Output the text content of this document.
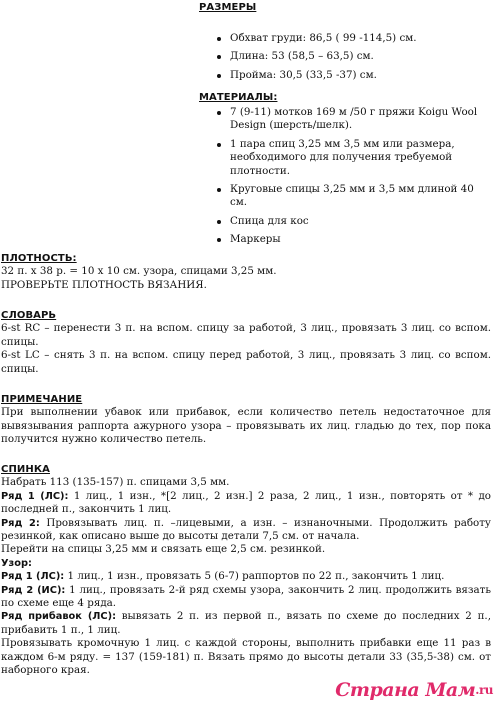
РАЗМЕРЫ
Обхват груди: 86,5 ( 99 -114,5) см.
Длина: 53 (58,5 – 63,5) см.
Пройма: 30,5 (33,5 -37) см.
МАТЕРИАЛЫ:
7 (9-11) мотков 169 м /50 г пряжи Koigu Wool Design (шерсть/шелк).
1 пара спиц 3,25 мм 3,5 мм или размера, необходимого для получения требуемой плотности.
Круговые спицы 3,25 мм и 3,5 мм длиной 40 см.
Спица для кос
Маркеры
ПЛОТНОСТЬ:
32 п. х 38 р. = 10 х 10 см. узора, спицами 3,25 мм.
ПРОВЕРЬТЕ ПЛОТНОСТЬ ВЯЗАНИЯ.
СЛОВАРЬ
6-st RC – перенести 3 п. на вспом. спицу за работой, 3 лиц., провязать 3 лиц. со вспом. спицы.
6-st LC – снять 3 п. на вспом. спицу перед работой, 3 лиц., провязать 3 лиц. со вспом. спицы.
ПРИМЕЧАНИЕ
При выполнении убавок или прибавок, если количество петель недостаточное для вывязывания раппорта ажурного узора – провязывать их лиц. гладью до тех, пор пока получится нужно количество петель.
СПИНКА
Набрать 113 (135-157) п. спицами 3,5 мм.
Ряд 1 (ЛС): 1 лиц., 1 изн., *[2 лиц., 2 изн.] 2 раза, 2 лиц., 1 изн., повторять от * до последней п., закончить 1 лиц.
Ряд 2: Провязывать лиц. п. –лицевыми, а изн. – изнаночными. Продолжить работу резинкой, как описано выше до высоты детали 7,5 см. от начала.
Перейти на спицы 3,25 мм и связать еще 2,5 см. резинкой.
Узор:
Ряд 1 (ЛС): 1 лиц., 1 изн., провязать 5 (6-7) раппортов по 22 п., закончить 1 лиц.
Ряд 2 (ИС): 1 лиц., провязать 2-й ряд схемы узора, закончить 2 лиц. продолжить вязать по схеме еще 4 ряда.
Ряд прибавок (ЛС): вывязать 2 п. из первой п., вязать по схеме до последних 2 п., прибавить 1 п., 1 лиц.
Провязывать кромочную 1 лиц. с каждой стороны, выполнить прибавки еще 11 раз в каждом 6-м ряду. = 137 (159-181) п. Вязать прямо до высоты детали 33 (35,5-38) см. от наборного края.
Страна Мам.ru
